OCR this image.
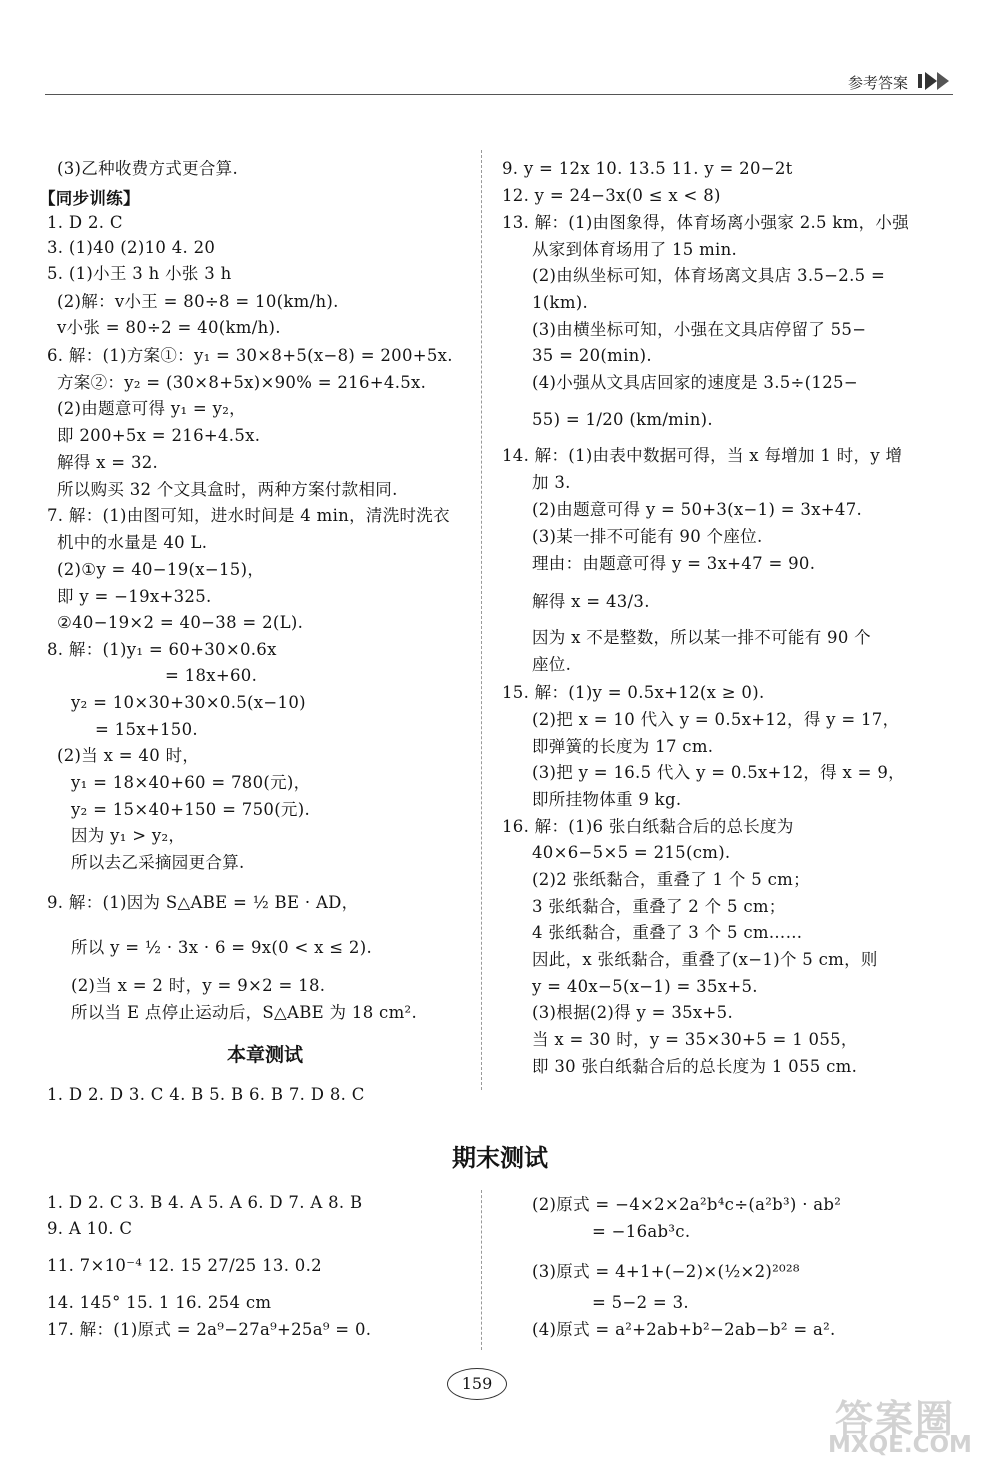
参考答案
(3)乙种收费方式更合算.
【同步训练】
1. D 2. C
3. (1)40 (2)10 4. 20
5. (1)小王 3 h 小张 3 h
(2)解：v小王 = 80÷8 = 10(km/h).
v小张 = 80÷2 = 40(km/h).
6. 解：(1)方案①：y₁ = 30×8+5(x−8) = 200+5x.
方案②：y₂ = (30×8+5x)×90% = 216+4.5x.
(2)由题意可得 y₁ = y₂，
即 200+5x = 216+4.5x.
解得 x = 32.
所以购买 32 个文具盒时，两种方案付款相同.
7. 解：(1)由图可知，进水时间是 4 min，清洗时洗衣
机中的水量是 40 L.
(2)①y = 40−19(x−15)，
即 y = −19x+325.
②40−19×2 = 40−38 = 2(L).
8. 解：(1)y₁ = 60+30×0.6x
= 18x+60.
y₂ = 10×30+30×0.5(x−10)
= 15x+150.
(2)当 x = 40 时，
y₁ = 18×40+60 = 780(元)，
y₂ = 15×40+150 = 750(元).
因为 y₁ > y₂，
所以去乙采摘园更合算.
9. 解：(1)因为 S△ABE = ½ BE · AD，
所以 y = ½ · 3x · 6 = 9x(0 < x ≤ 2).
(2)当 x = 2 时，y = 9×2 = 18.
所以当 E 点停止运动后，S△ABE 为 18 cm².
1. D 2. D 3. C 4. B 5. B 6. B 7. D 8. C
本章测试
9. y = 12x 10. 13.5 11. y = 20−2t
12. y = 24−3x(0 ≤ x < 8)
13. 解：(1)由图象得，体育场离小强家 2.5 km，小强
从家到体育场用了 15 min.
(2)由纵坐标可知，体育场离文具店 3.5−2.5 =
1(km).
(3)由横坐标可知，小强在文具店停留了 55−
35 = 20(min).
(4)小强从文具店回家的速度是 3.5÷(125−
55) = 1/20 (km/min).
14. 解：(1)由表中数据可得，当 x 每增加 1 时，y 增
加 3.
(2)由题意可得 y = 50+3(x−1) = 3x+47.
(3)某一排不可能有 90 个座位.
理由：由题意可得 y = 3x+47 = 90.
解得 x = 43/3.
因为 x 不是整数，所以某一排不可能有 90 个
座位.
15. 解：(1)y = 0.5x+12(x ≥ 0).
(2)把 x = 10 代入 y = 0.5x+12，得 y = 17，
即弹簧的长度为 17 cm.
(3)把 y = 16.5 代入 y = 0.5x+12，得 x = 9，
即所挂物体重 9 kg.
16. 解：(1)6 张白纸黏合后的总长度为
40×6−5×5 = 215(cm).
(2)2 张纸黏合，重叠了 1 个 5 cm；
3 张纸黏合，重叠了 2 个 5 cm；
4 张纸黏合，重叠了 3 个 5 cm……
因此，x 张纸黏合，重叠了(x−1)个 5 cm，则
y = 40x−5(x−1) = 35x+5.
(3)根据(2)得 y = 35x+5.
当 x = 30 时，y = 35×30+5 = 1 055，
即 30 张白纸黏合后的总长度为 1 055 cm.
期末测试
1. D 2. C 3. B 4. A 5. A 6. D 7. A 8. B
9. A 10. C
11. 7×10⁻⁴ 12. 15 27/25 13. 0.2
14. 145° 15. 1 16. 254 cm
17. 解：(1)原式 = 2a⁹−27a⁹+25a⁹ = 0.
(2)原式 = −4×2×2a²b⁴c÷(a²b³) · ab²
= −16ab³c.
(3)原式 = 4+1+(−2)×(½×2)²⁰²⁸
= 5−2 = 3.
(4)原式 = a²+2ab+b²−2ab−b² = a².
159
答案圈
MXQE.COM
